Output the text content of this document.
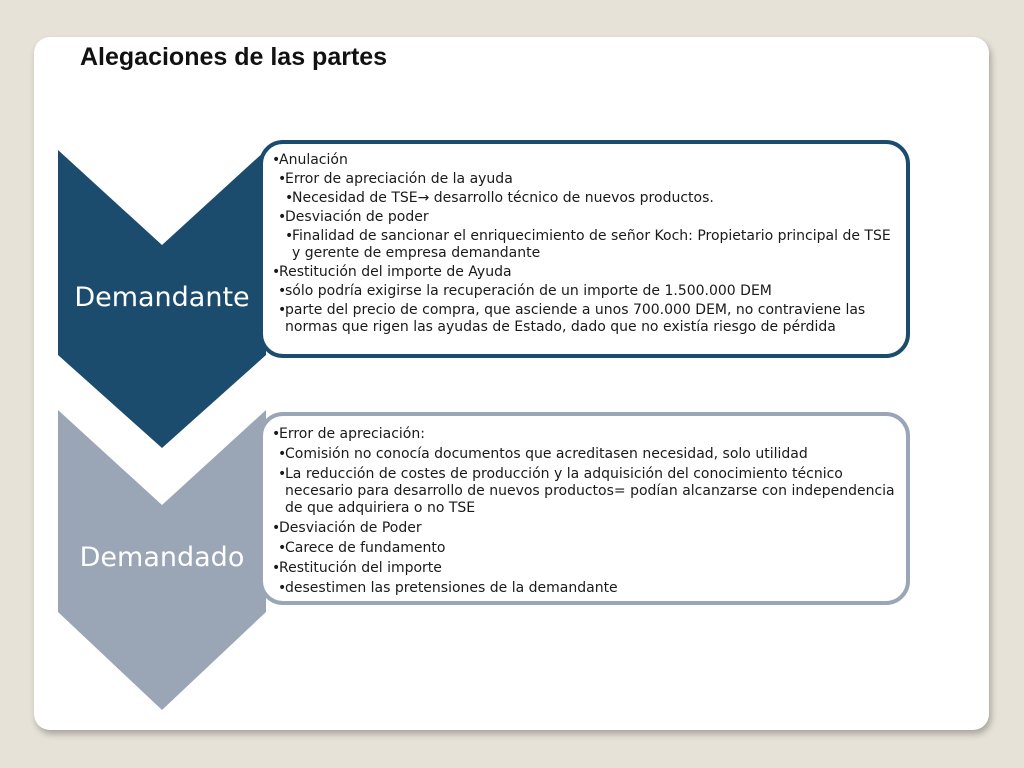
Alegaciones de las partes
Demandante
Demandado
• Anulación
• Error de apreciación de la ayuda
• Necesidad de TSE→ desarrollo técnico de nuevos productos.
• Desviación de poder
• Finalidad de sancionar el enriquecimiento de señor Koch: Propietario principal de TSE y gerente de empresa demandante
• Restitución del importe de Ayuda
• sólo podría exigirse la recuperación de un importe de 1.500.000 DEM
• parte del precio de compra, que asciende a unos 700.000 DEM, no contraviene las normas que rigen las ayudas de Estado, dado que no existía riesgo de pérdida
• Error de apreciación:
• Comisión no conocía documentos que acreditasen necesidad, solo utilidad
• La reducción de costes de producción y la adquisición del conocimiento técnico necesario para desarrollo de nuevos productos= podían alcanzarse con independencia de que adquiriera o no TSE
• Desviación de Poder
• Carece de fundamento
• Restitución del importe
• desestimen las pretensiones de la demandante
